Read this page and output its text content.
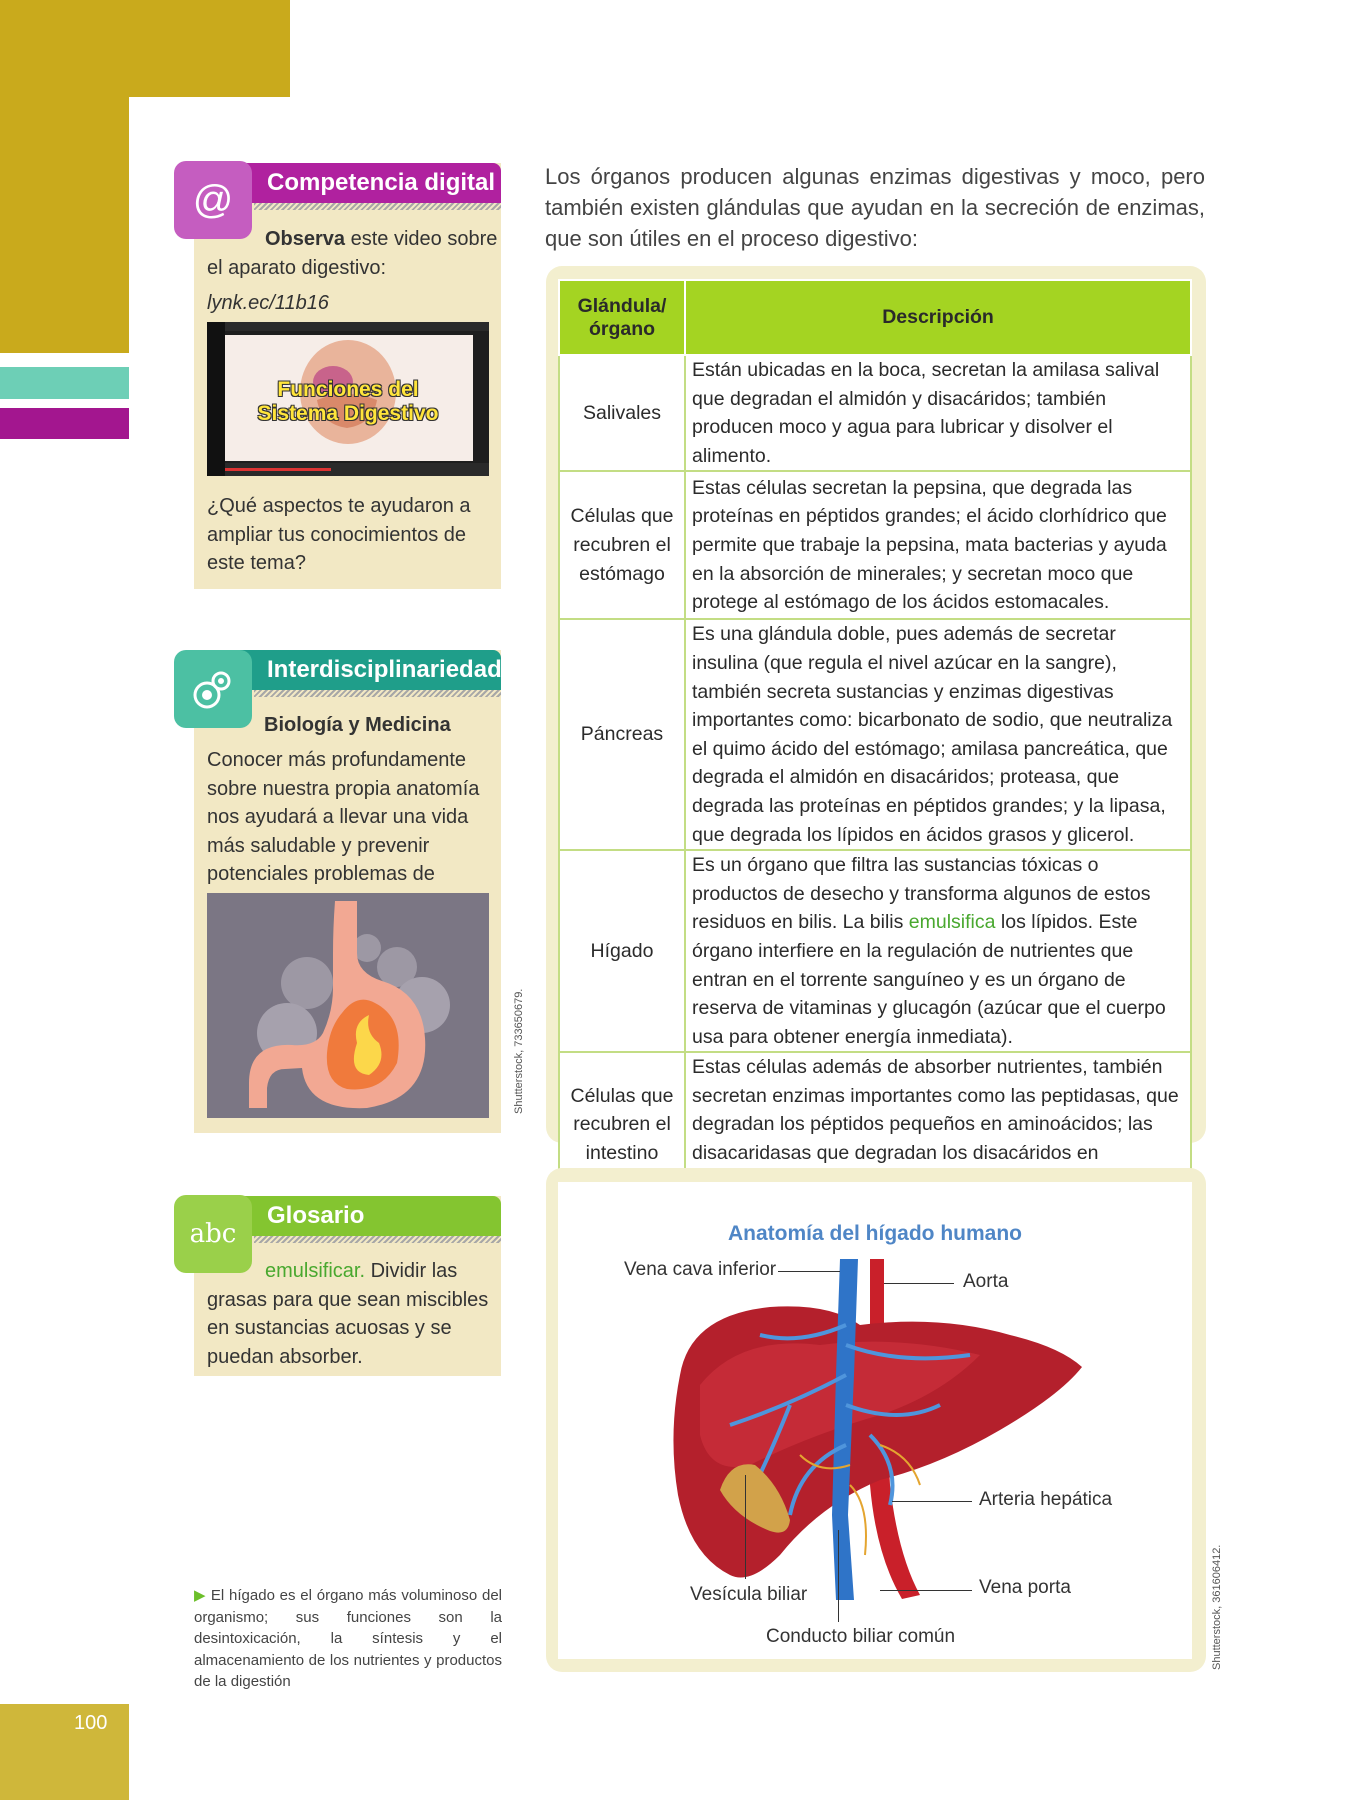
100
Competencia digital
@
Observa este video sobre el aparato digestivo:
lynk.ec/11b16
Funciones del
Sistema Digestivo
¿Qué aspectos te ayudaron a ampliar tus conocimientos de este tema?
Interdisciplinariedad
Biología y Medicina
Conocer más profundamente sobre nuestra propia anatomía nos ayudará a llevar una vida más saludable y prevenir potenciales problemas de
Shutterstock, 733650679.
Glosario
abc
emulsificar. Dividir las grasas para que sean miscibles en sustancias acuosas y se puedan absorber.
▶ El hígado es el órgano más voluminoso del organismo; sus funciones son la desintoxicación, la síntesis y el almacenamiento de los nutrientes y productos de la digestión
Los órganos producen algunas enzimas digestivas y moco, pero también existen glándulas que ayudan en la secreción de enzimas, que son útiles en el proceso digestivo:
Glándula/ órgano	Descripción
Salivales	Están ubicadas en la boca, secretan la amilasa salival que degradan el almidón y disacáridos; también producen moco y agua para lubricar y disolver el alimento.
Células que recubren el estómago	Estas células secretan la pepsina, que degrada las proteínas en péptidos grandes; el ácido clorhídrico que permite que trabaje la pepsina, mata bacterias y ayuda en la absorción de minerales; y secretan moco que protege al estómago de los ácidos estomacales.
Páncreas	Es una glándula doble, pues además de secretar insulina (que regula el nivel azúcar en la sangre), también secreta sustancias y enzimas digestivas importantes como: bicarbonato de sodio, que neutraliza el quimo ácido del estómago; amilasa pancreática, que degrada el almidón en disacáridos; proteasa, que degrada las proteínas en péptidos grandes; y la lipasa, que degrada los lípidos en ácidos grasos y glicerol.
Hígado	Es un órgano que filtra las sustancias tóxicas o productos de desecho y transforma algunos de estos residuos en bilis. La bilis emulsifica los lípidos. Este órgano interfiere en la regulación de nutrientes que entran en el torrente sanguíneo y es un órgano de reserva de vitaminas y glucagón (azúcar que el cuerpo usa para obtener energía inmediata).
Células que recubren el intestino	Estas células además de absorber nutrientes, también secretan enzimas importantes como las peptidasas, que degradan los péptidos pequeños en aminoácidos; las disacaridasas que degradan los disacáridos en
Anatomía del hígado humano
Vena cava inferior
Aorta
Arteria hepática
Vena porta
Vesícula biliar
Conducto biliar común	Shutterstock, 361606412.
